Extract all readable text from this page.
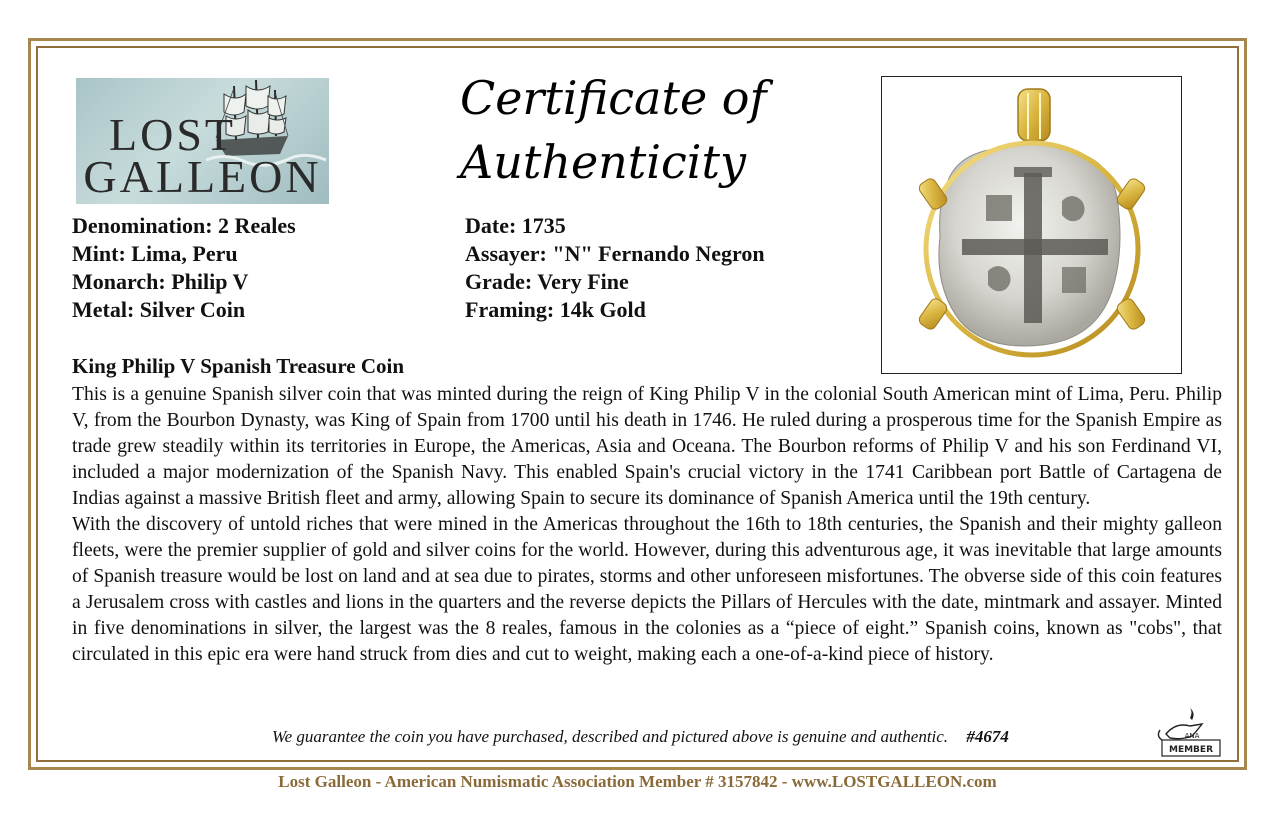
LOST
GALLEON
Certificate of
Authenticity
Denomination: 2 Reales
Mint: Lima, Peru
Monarch: Philip V
Metal: Silver Coin
Date: 1735
Assayer: "N" Fernando Negron
Grade: Very Fine
Framing: 14k Gold
King Philip V Spanish Treasure Coin

This is a genuine Spanish silver coin that was minted during the reign of King Philip V in the colonial South American mint of Lima, Peru. Philip V, from the Bourbon Dynasty, was King of Spain from 1700 until his death in 1746. He ruled during a prosperous time for the Spanish Empire as trade grew steadily within its territories in Europe, the Americas, Asia and Oceana. The Bourbon reforms of Philip V and his son Ferdinand VI, included a major modernization of the Spanish Navy. This enabled Spain's crucial victory in the 1741 Caribbean port Battle of Cartagena de Indias against a massive British fleet and army, allowing Spain to secure its dominance of Spanish America until the 19th century.

With the discovery of untold riches that were mined in the Americas throughout the 16th to 18th centuries, the Spanish and their mighty galleon fleets, were the premier supplier of gold and silver coins for the world. However, during this adventurous age, it was inevitable that large amounts of Spanish treasure would be lost on land and at sea due to pirates, storms and other unforeseen misfortunes. The obverse side of this coin features a Jerusalem cross with castles and lions in the quarters and the reverse depicts the Pillars of Hercules with the date, mintmark and assayer. Minted in five denominations in silver, the largest was the 8 reales, famous in the colonies as a “piece of eight.” Spanish coins, known as "cobs", that circulated in this epic era were hand struck from dies and cut to weight, making each a one-of-a-kind piece of history.

We guarantee the coin you have purchased, described and pictured above is genuine and authentic. #4674	ANA
MEMBER
Lost Galleon - American Numismatic Association Member # 3157842 - www.LOSTGALLEON.com
